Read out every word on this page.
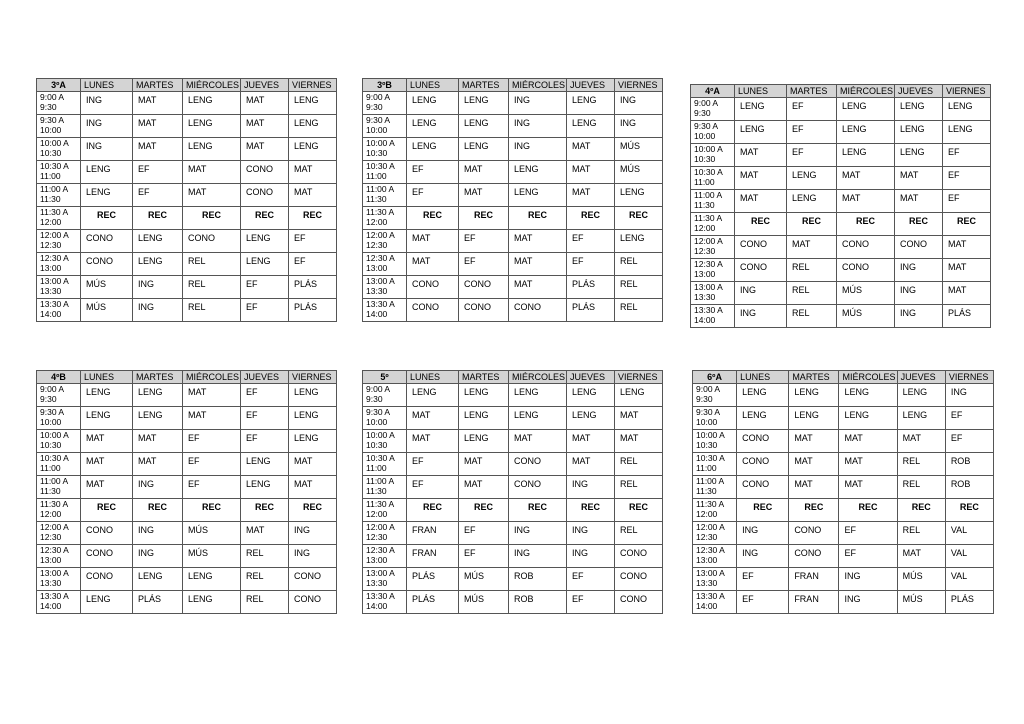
3ºA	LUNES	MARTES	MIÉRCOLES	JUEVES	VIERNES
9:00 A 9:30	ING	MAT	LENG	MAT	LENG
9:30 A 10:00	ING	MAT	LENG	MAT	LENG
10:00 A 10:30	ING	MAT	LENG	MAT	LENG
10:30 A 11:00	LENG	EF	MAT	CONO	MAT
11:00 A 11:30	LENG	EF	MAT	CONO	MAT
11:30 A 12:00	REC	REC	REC	REC	REC
12:00 A 12:30	CONO	LENG	CONO	LENG	EF
12:30 A 13:00	CONO	LENG	REL	LENG	EF
13:00 A 13:30	MÚS	ING	REL	EF	PLÁS
13:30 A 14:00	MÚS	ING	REL	EF	PLÁS
3ºB	LUNES	MARTES	MIÉRCOLES	JUEVES	VIERNES
9:00 A 9:30	LENG	LENG	ING	LENG	ING
9:30 A 10:00	LENG	LENG	ING	LENG	ING
10:00 A 10:30	LENG	LENG	ING	MAT	MÚS
10:30 A 11:00	EF	MAT	LENG	MAT	MÚS
11:00 A 11:30	EF	MAT	LENG	MAT	LENG
11:30 A 12:00	REC	REC	REC	REC	REC
12:00 A 12:30	MAT	EF	MAT	EF	LENG
12:30 A 13:00	MAT	EF	MAT	EF	REL
13:00 A 13:30	CONO	CONO	MAT	PLÁS	REL
13:30 A 14:00	CONO	CONO	CONO	PLÁS	REL
4ºA	LUNES	MARTES	MIÉRCOLES	JUEVES	VIERNES
9:00 A 9:30	LENG	EF	LENG	LENG	LENG
9:30 A 10:00	LENG	EF	LENG	LENG	LENG
10:00 A 10:30	MAT	EF	LENG	LENG	EF
10:30 A 11:00	MAT	LENG	MAT	MAT	EF
11:00 A 11:30	MAT	LENG	MAT	MAT	EF
11:30 A 12:00	REC	REC	REC	REC	REC
12:00 A 12:30	CONO	MAT	CONO	CONO	MAT
12:30 A 13:00	CONO	REL	CONO	ING	MAT
13:00 A 13:30	ING	REL	MÚS	ING	MAT
13:30 A 14:00	ING	REL	MÚS	ING	PLÁS
4ºB	LUNES	MARTES	MIÉRCOLES	JUEVES	VIERNES
9:00 A 9:30	LENG	LENG	MAT	EF	LENG
9:30 A 10:00	LENG	LENG	MAT	EF	LENG
10:00 A 10:30	MAT	MAT	EF	EF	LENG
10:30 A 11:00	MAT	MAT	EF	LENG	MAT
11:00 A 11:30	MAT	ING	EF	LENG	MAT
11:30 A 12:00	REC	REC	REC	REC	REC
12:00 A 12:30	CONO	ING	MÚS	MAT	ING
12:30 A 13:00	CONO	ING	MÚS	REL	ING
13:00 A 13:30	CONO	LENG	LENG	REL	CONO
13:30 A 14:00	LENG	PLÁS	LENG	REL	CONO
5º	LUNES	MARTES	MIÉRCOLES	JUEVES	VIERNES
9:00 A 9:30	LENG	LENG	LENG	LENG	LENG
9:30 A 10:00	MAT	LENG	LENG	LENG	MAT
10:00 A 10:30	MAT	LENG	MAT	MAT	MAT
10:30 A 11:00	EF	MAT	CONO	MAT	REL
11:00 A 11:30	EF	MAT	CONO	ING	REL
11:30 A 12:00	REC	REC	REC	REC	REC
12:00 A 12:30	FRAN	EF	ING	ING	REL
12:30 A 13:00	FRAN	EF	ING	ING	CONO
13:00 A 13:30	PLÁS	MÚS	ROB	EF	CONO
13:30 A 14:00	PLÁS	MÚS	ROB	EF	CONO
6ºA	LUNES	MARTES	MIÉRCOLES	JUEVES	VIERNES
9:00 A 9:30	LENG	LENG	LENG	LENG	ING
9:30 A 10:00	LENG	LENG	LENG	LENG	EF
10:00 A 10:30	CONO	MAT	MAT	MAT	EF
10:30 A 11:00	CONO	MAT	MAT	REL	ROB
11:00 A 11:30	CONO	MAT	MAT	REL	ROB
11:30 A 12:00	REC	REC	REC	REC	REC
12:00 A 12:30	ING	CONO	EF	REL	VAL
12:30 A 13:00	ING	CONO	EF	MAT	VAL
13:00 A 13:30	EF	FRAN	ING	MÚS	VAL
13:30 A 14:00	EF	FRAN	ING	MÚS	PLÁS
